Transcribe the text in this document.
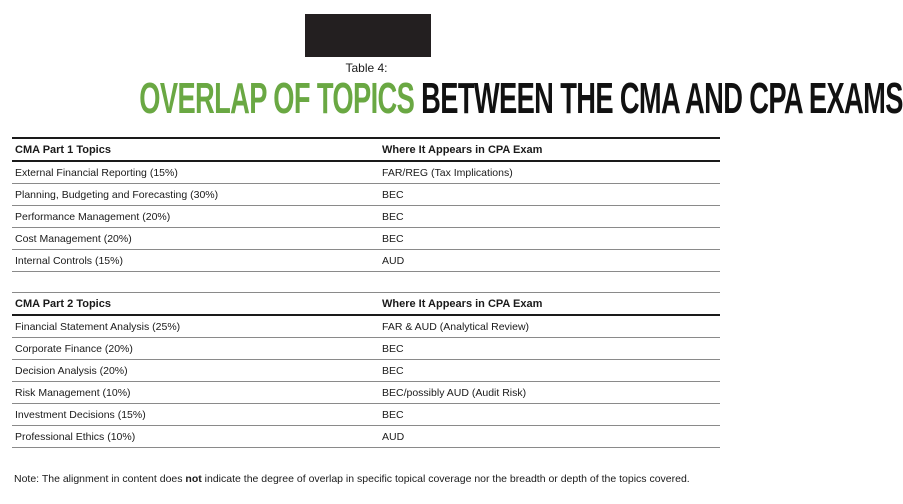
Table 4:
OVERLAP OF TOPICS BETWEEN THE CMA AND CPA EXAMS
CMA Part 1 Topics	Where It Appears in CPA Exam
External Financial Reporting (15%)	FAR/REG (Tax Implications)
Planning, Budgeting and Forecasting (30%)	BEC
Performance Management (20%)	BEC
Cost Management (20%)	BEC
Internal Controls (15%)	AUD
CMA Part 2 Topics	Where It Appears in CPA Exam
Financial Statement Analysis (25%)	FAR & AUD (Analytical Review)
Corporate Finance (20%)	BEC
Decision Analysis (20%)	BEC
Risk Management (10%)	BEC/possibly AUD (Audit Risk)
Investment Decisions (15%)	BEC
Professional Ethics (10%)	AUD
Note: The alignment in content does not indicate the degree of overlap in specific topical coverage nor the breadth or depth of the topics covered.
